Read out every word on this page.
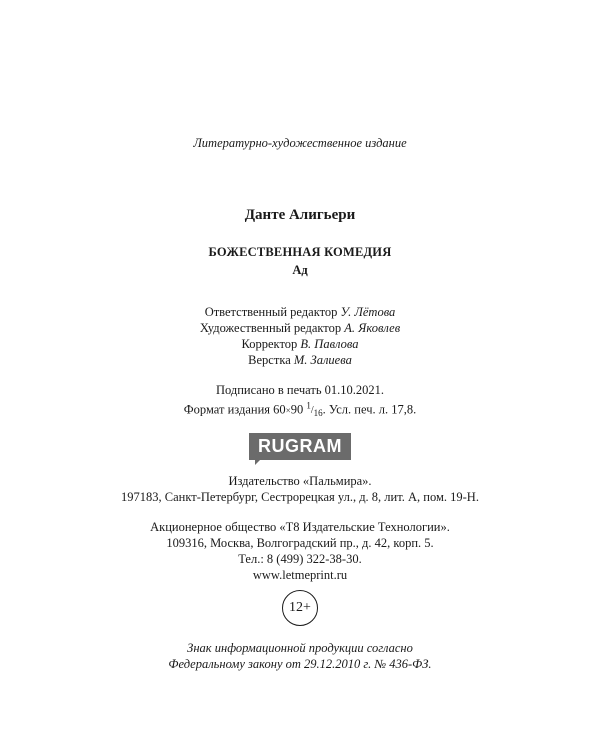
Литературно-художественное издание
Данте Алигьери
БОЖЕСТВЕННАЯ КОМЕДИЯ
Ад
Ответственный редактор У. Лётова
Художественный редактор А. Яковлев
Корректор В. Павлова
Верстка М. Залиева
Подписано в печать 01.10.2021.
Формат издания 60×90 $^1/_{16}$. Усл. печ. л. 17,8.
RUGRAM
Издательство «Пальмира».
197183, Санкт-Петербург, Сестрорецкая ул., д. 8, лит. А, пом. 19-Н.
Акционерное общество «Т8 Издательские Технологии».
109316, Москва, Волгоградский пр., д. 42, корп. 5.
Тел.: 8 (499) 322-38-30.
www.letmeprint.ru
12+
Знак информационной продукции согласно
Федеральному закону от 29.12.2010 г. № 436-ФЗ.
